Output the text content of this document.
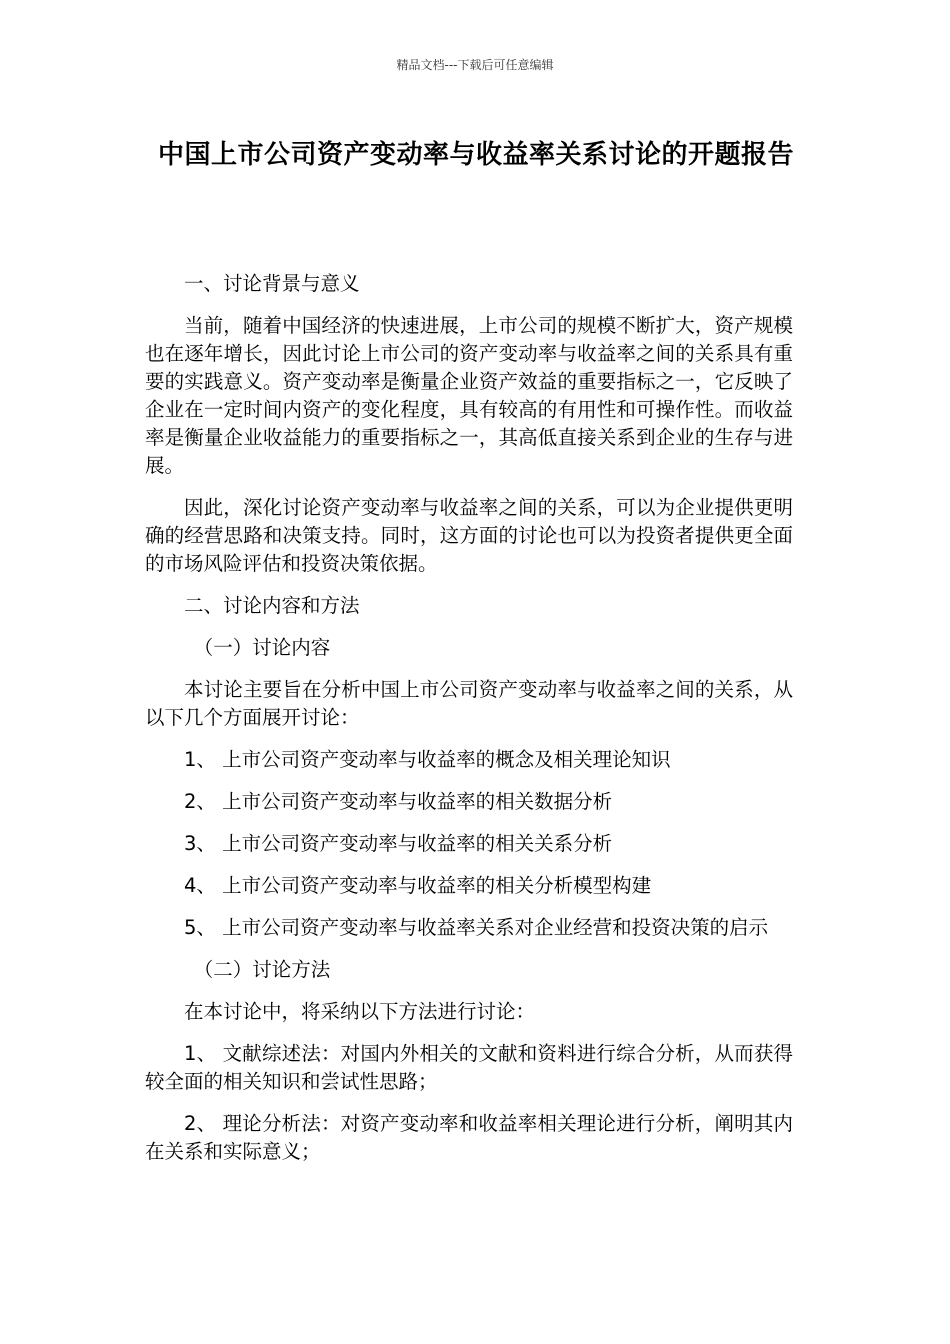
精品文档---下载后可任意编辑
中国上市公司资产变动率与收益率关系讨论的开题报告

一、讨论背景与意义

当前，随着中国经济的快速进展，上市公司的规模不断扩大，资产规模也在逐年增长，因此讨论上市公司的资产变动率与收益率之间的关系具有重要的实践意义。资产变动率是衡量企业资产效益的重要指标之一，它反映了企业在一定时间内资产的变化程度，具有较高的有用性和可操作性。而收益率是衡量企业收益能力的重要指标之一，其高低直接关系到企业的生存与进展。

因此，深化讨论资产变动率与收益率之间的关系，可以为企业提供更明确的经营思路和决策支持。同时，这方面的讨论也可以为投资者提供更全面的市场风险评估和投资决策依据。

二、讨论内容和方法

（一）讨论内容

本讨论主要旨在分析中国上市公司资产变动率与收益率之间的关系，从以下几个方面展开讨论：

1、 上市公司资产变动率与收益率的概念及相关理论知识

2、 上市公司资产变动率与收益率的相关数据分析

3、 上市公司资产变动率与收益率的相关关系分析

4、 上市公司资产变动率与收益率的相关分析模型构建

5、 上市公司资产变动率与收益率关系对企业经营和投资决策的启示

（二）讨论方法

在本讨论中，将采纳以下方法进行讨论：

1、 文献综述法：对国内外相关的文献和资料进行综合分析，从而获得较全面的相关知识和尝试性思路；

2、 理论分析法：对资产变动率和收益率相关理论进行分析，阐明其内在关系和实际意义；
